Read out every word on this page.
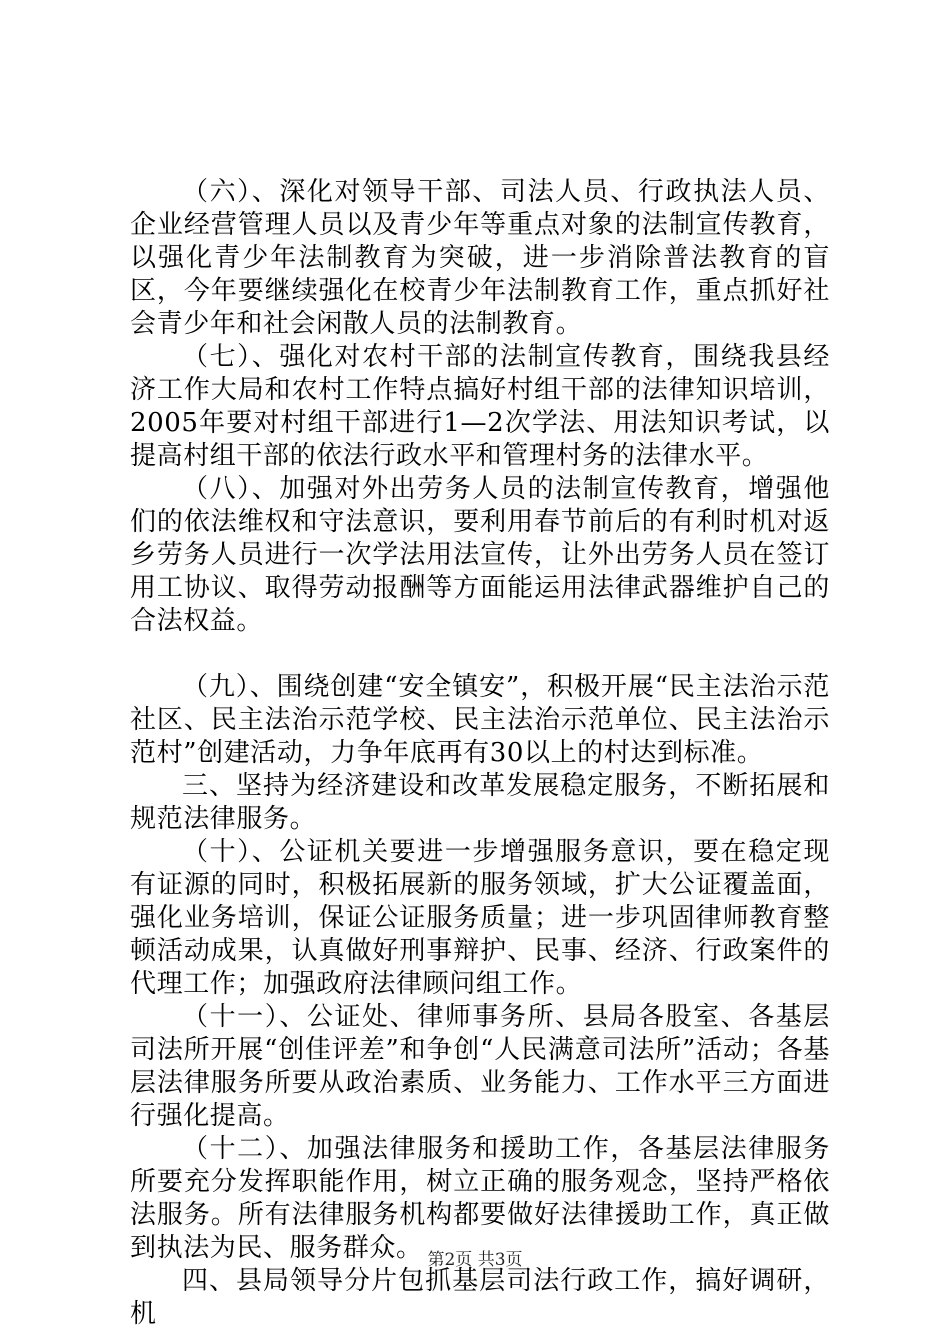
（六）、深化对领导干部、司法人员、行政执法人员、企业经营管理人员以及青少年等重点对象的法制宣传教育，以强化青少年法制教育为突破，进一步消除普法教育的盲区，今年要继续强化在校青少年法制教育工作，重点抓好社会青少年和社会闲散人员的法制教育。

（七）、强化对农村干部的法制宣传教育，围绕我县经济工作大局和农村工作特点搞好村组干部的法律知识培训，2005年要对村组干部进行1—2次学法、用法知识考试，以提高村组干部的依法行政水平和管理村务的法律水平。

（八）、加强对外出劳务人员的法制宣传教育，增强他们的依法维权和守法意识，要利用春节前后的有利时机对返乡劳务人员进行一次学法用法宣传，让外出劳务人员在签订用工协议、取得劳动报酬等方面能运用法律武器维护自己的合法权益。

（九）、围绕创建“安全镇安”，积极开展“民主法治示范社区、民主法治示范学校、民主法治示范单位、民主法治示范村”创建活动，力争年底再有30以上的村达到标准。

三、坚持为经济建设和改革发展稳定服务，不断拓展和规范法律服务。

（十）、公证机关要进一步增强服务意识，要在稳定现有证源的同时，积极拓展新的服务领域，扩大公证覆盖面，强化业务培训，保证公证服务质量；进一步巩固律师教育整顿活动成果，认真做好刑事辩护、民事、经济、行政案件的代理工作；加强政府法律顾问组工作。

（十一）、公证处、律师事务所、县局各股室、各基层司法所开展“创佳评差”和争创“人民满意司法所”活动；各基层法律服务所要从政治素质、业务能力、工作水平三方面进行强化提高。

（十二）、加强法律服务和援助工作，各基层法律服务所要充分发挥职能作用，树立正确的服务观念，坚持严格依法服务。所有法律服务机构都要做好法律援助工作，真正做到执法为民、服务群众。

四、县局领导分片包抓基层司法行政工作，搞好调研，机

第2页 共3页
